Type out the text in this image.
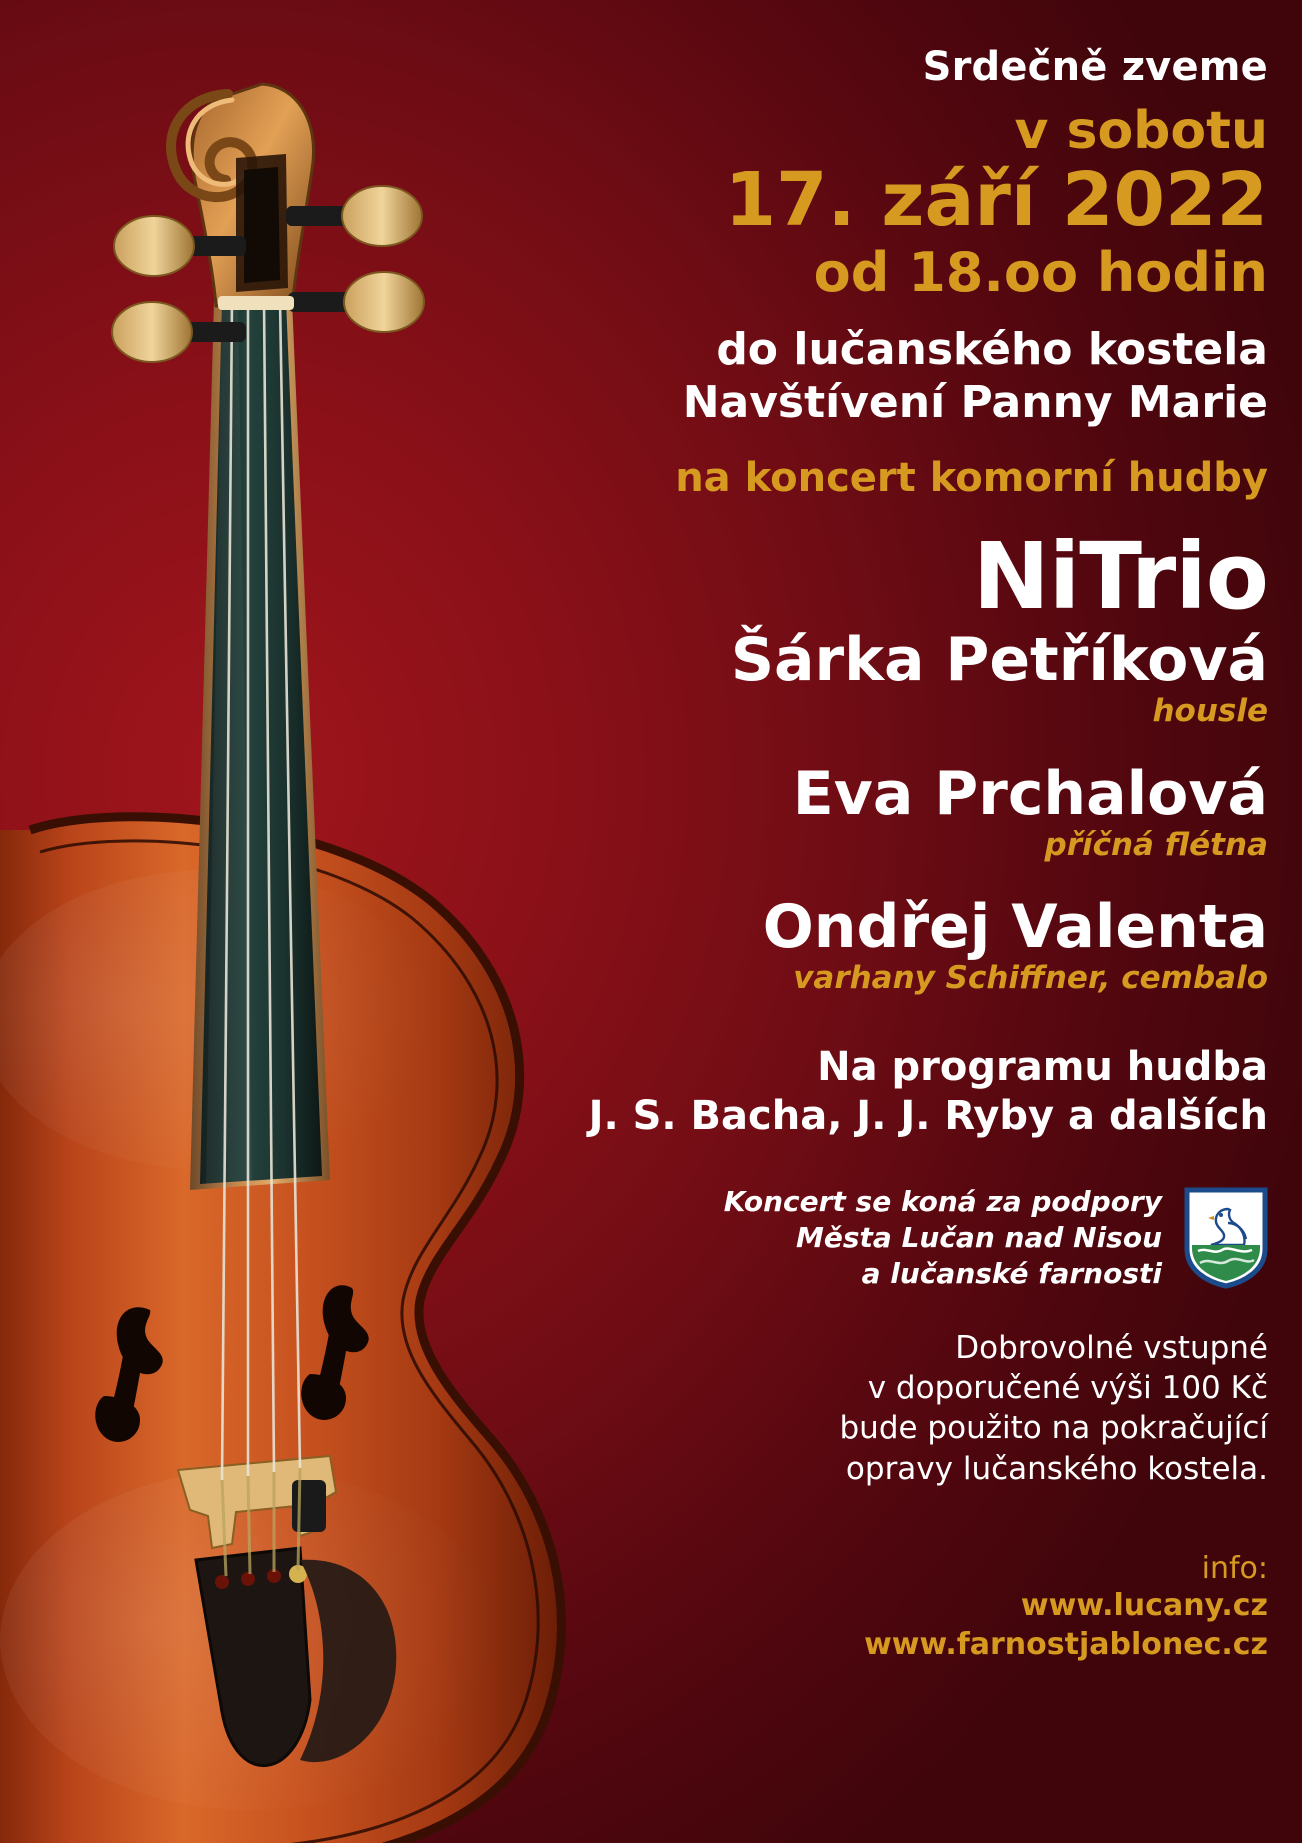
Srdečně zveme
v sobotu
17. září 2022
od 18.oo hodin
do lučanského kostela
Navštívení Panny Marie
na koncert komorní hudby
NiTrio
Šárka Petříková
housle
Eva Prchalová
příčná flétna
Ondřej Valenta
varhany Schiffner, cembalo
Na programu hudba
J. S. Bacha, J. J. Ryby a dalších
Koncert se koná za podpory
Města Lučan nad Nisou
a lučanské farnosti
Dobrovolné vstupné
v doporučené výši 100 Kč
bude použito na pokračující
opravy lučanského kostela.
info:
www.lucany.cz
www.farnostjablonec.cz
